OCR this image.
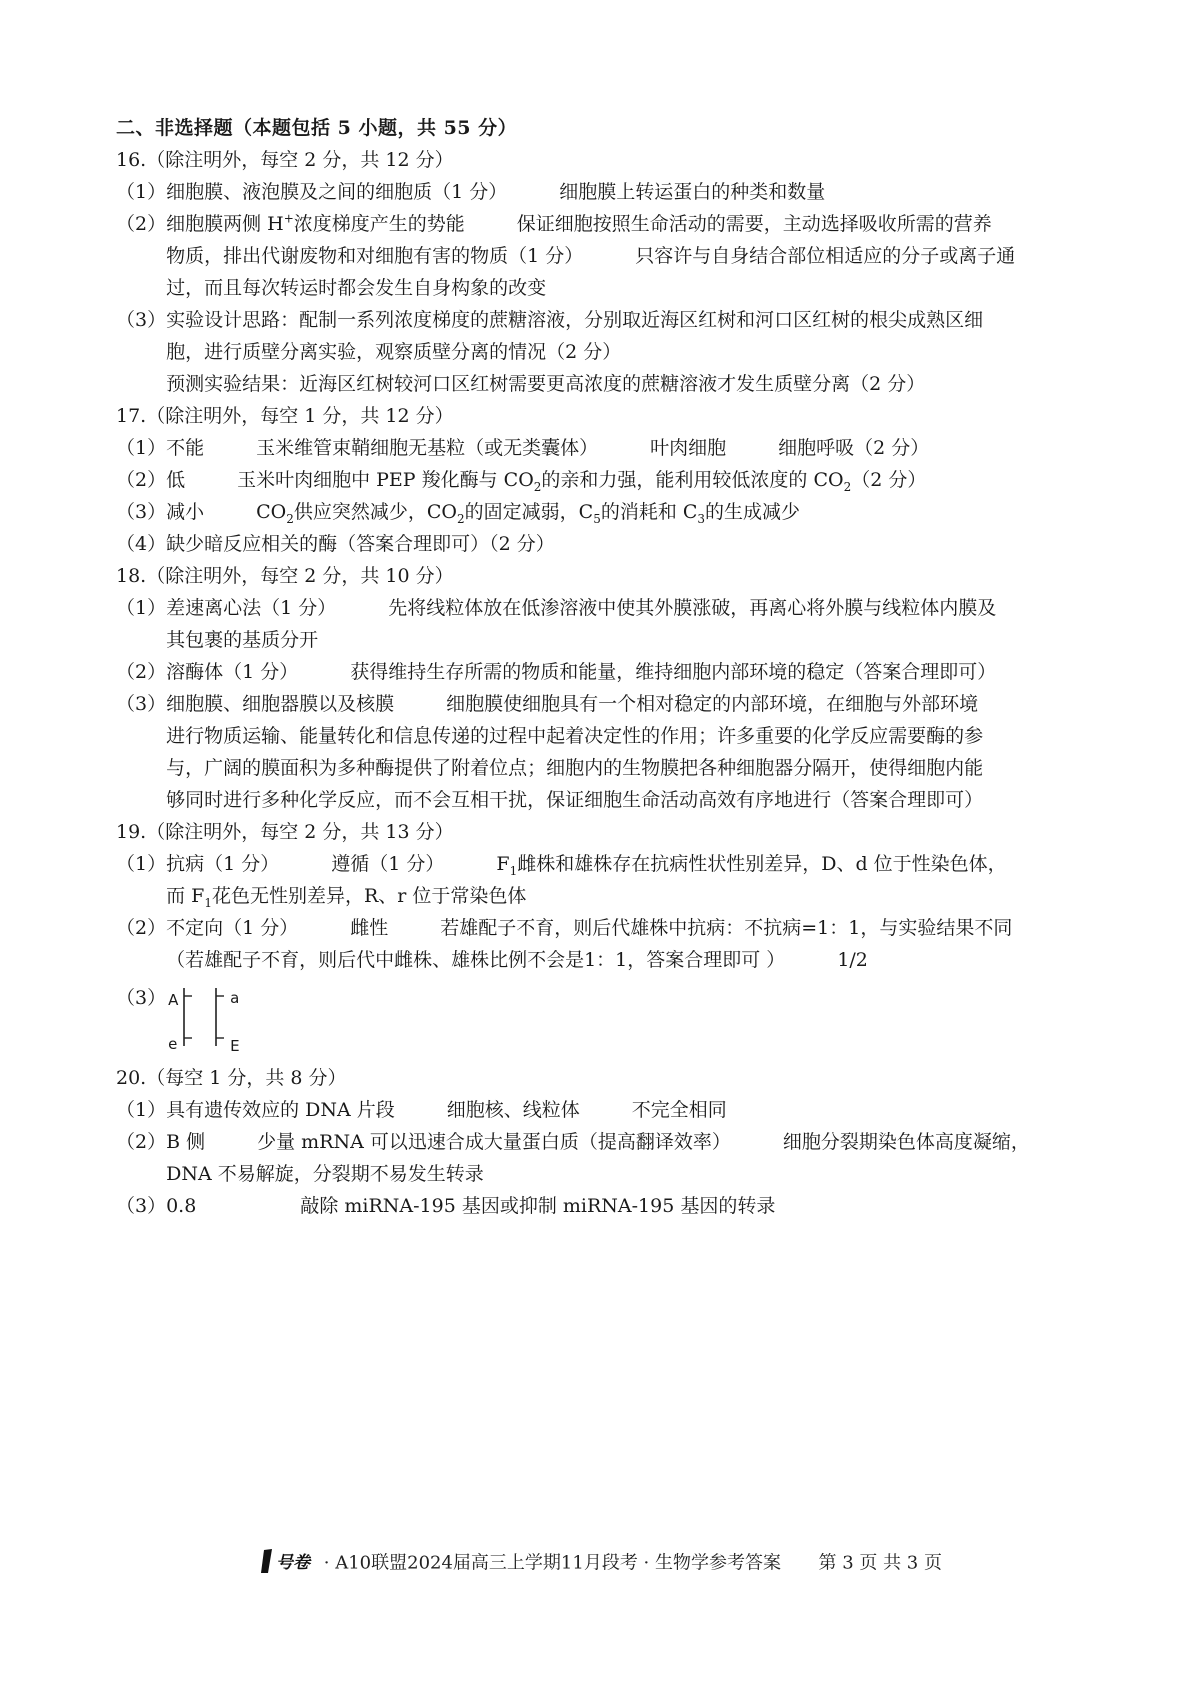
二、非选择题（本题包括 5 小题，共 55 分）
16.（除注明外，每空 2 分，共 12 分）
（1） 细胞膜、液泡膜及之间的细胞质（1 分）	细胞膜上转运蛋白的种类和数量
（2） 细胞膜两侧 H+浓度梯度产生的势能	保证细胞按照生命活动的需要，主动选择吸收所需的营养
物质，排出代谢废物和对细胞有害的物质（1 分）	只容许与自身结合部位相适应的分子或离子通
过，而且每次转运时都会发生自身构象的改变
（3） 实验设计思路：配制一系列浓度梯度的蔗糖溶液，分别取近海区红树和河口区红树的根尖成熟区细
胞，进行质壁分离实验，观察质壁分离的情况（2 分）
预测实验结果：近海区红树较河口区红树需要更高浓度的蔗糖溶液才发生质壁分离（2 分）
17.（除注明外，每空 1 分，共 12 分）
（1） 不能	玉米维管束鞘细胞无基粒（或无类囊体）	叶肉细胞	细胞呼吸（2 分）
（2） 低	玉米叶肉细胞中 PEP 羧化酶与 $CO_2$的亲和力强，能利用较低浓度的 $CO_2(2$ 分）
（3） 减小	$CO_2$供应突然减少，$CO_2$的固定减弱，$C_5$的消耗和 $C_3$的生成减少
（4） 缺少暗反应相关的酶（答案合理即可）（2 分）
18.（除注明外，每空 2 分，共 10 分）
（1） 差速离心法（1 分）	先将线粒体放在低渗溶液中使其外膜涨破，再离心将外膜与线粒体内膜及
其包裹的基质分开
（2） 溶酶体（1 分）	获得维持生存所需的物质和能量，维持细胞内部环境的稳定（答案合理即可）
（3） 细胞膜、细胞器膜以及核膜	细胞膜使细胞具有一个相对稳定的内部环境，在细胞与外部环境
进行物质运输、能量转化和信息传递的过程中起着决定性的作用；许多重要的化学反应需要酶的参
与，广阔的膜面积为多种酶提供了附着位点；细胞内的生物膜把各种细胞器分隔开，使得细胞内能
够同时进行多种化学反应，而不会互相干扰，保证细胞生命活动高效有序地进行（答案合理即可）
19.（除注明外，每空 2 分，共 13 分）
（1） 抗病（1 分）	遵循（1 分）	$F_1$雌株和雄株存在抗病性状性别差异，D、d 位于性染色体，
而 $F_1$花色无性别差异，R、r 位于常染色体
（2） 不定向（1 分）	雌性	若雄配子不育，则后代雄株中抗病：不抗病=1：1，与实验结果不同
（若雄配子不育，则后代中雌株、雄株比例不会是1：1，答案合理即可 ）	1/2
（3） A
e
a
E
20.（每空 1 分，共 8 分）
（1） 具有遗传效应的 DNA 片段	细胞核、线粒体	不完全相同
（2） B 侧	少量 mRNA 可以迅速合成大量蛋白质（提高翻译效率）	细胞分裂期染色体高度凝缩，
DNA 不易解旋，分裂期不易发生转录
（3） 0.8	敲除 miRNA-195 基因或抑制 miRNA-195 基因的转录
号卷 · A10联盟2024届高三上学期11月段考 · 生物学参考答案 第 3 页 共 3 页
